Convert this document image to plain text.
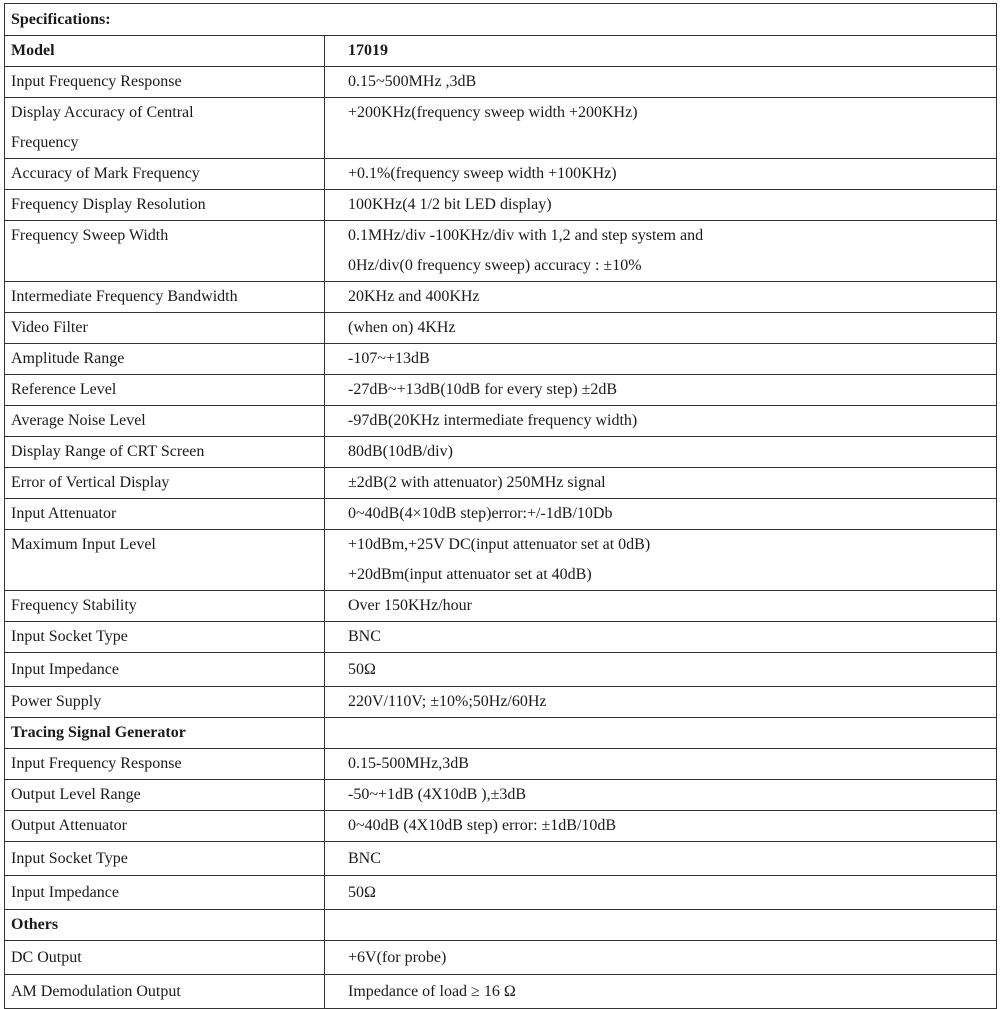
Specifications:	
Model	17019
Input Frequency Response	0.15~500MHz ,3dB

Display Accuracy of Central
Frequency	+200KHz(frequency sweep width +200KHz)
Accuracy of Mark Frequency	+0.1%(frequency sweep width +100KHz)
Frequency Display Resolution	100KHz(4 1/2 bit LED display)
Frequency Sweep Width	0.1MHz/div -100KHz/div with 1,2 and step system and
0Hz/div(0 frequency sweep) accuracy : ±10%

Intermediate Frequency Bandwidth	20KHz and 400KHz
Video Filter	(when on) 4KHz
Amplitude Range	-107~+13dB
Reference Level	-27dB~+13dB(10dB for every step) ±2dB
Average Noise Level	-97dB(20KHz intermediate frequency width)
Display Range of CRT Screen	80dB(10dB/div)
Error of Vertical Display	±2dB(2 with attenuator) 250MHz signal
Input Attenuator	0~40dB(4×10dB step)error:+/-1dB/10Db
Maximum Input Level	+10dBm,+25V DC(input attenuator set at 0dB)
+20dBm(input attenuator set at 40dB)

Frequency Stability	Over 150KHz/hour
Input Socket Type	BNC
Input Impedance	50Ω
Power Supply	220V/110V; ±10%;50Hz/60Hz
Tracing Signal Generator	
Input Frequency Response	0.15-500MHz,3dB
Output Level Range	-50~+1dB (4X10dB ),±3dB
Output Attenuator	0~40dB (4X10dB step) error: ±1dB/10dB
Input Socket Type	BNC
Input Impedance	50Ω
Others	
DC Output	+6V(for probe)
AM Demodulation Output	Impedance of load ≥ 16 Ω
